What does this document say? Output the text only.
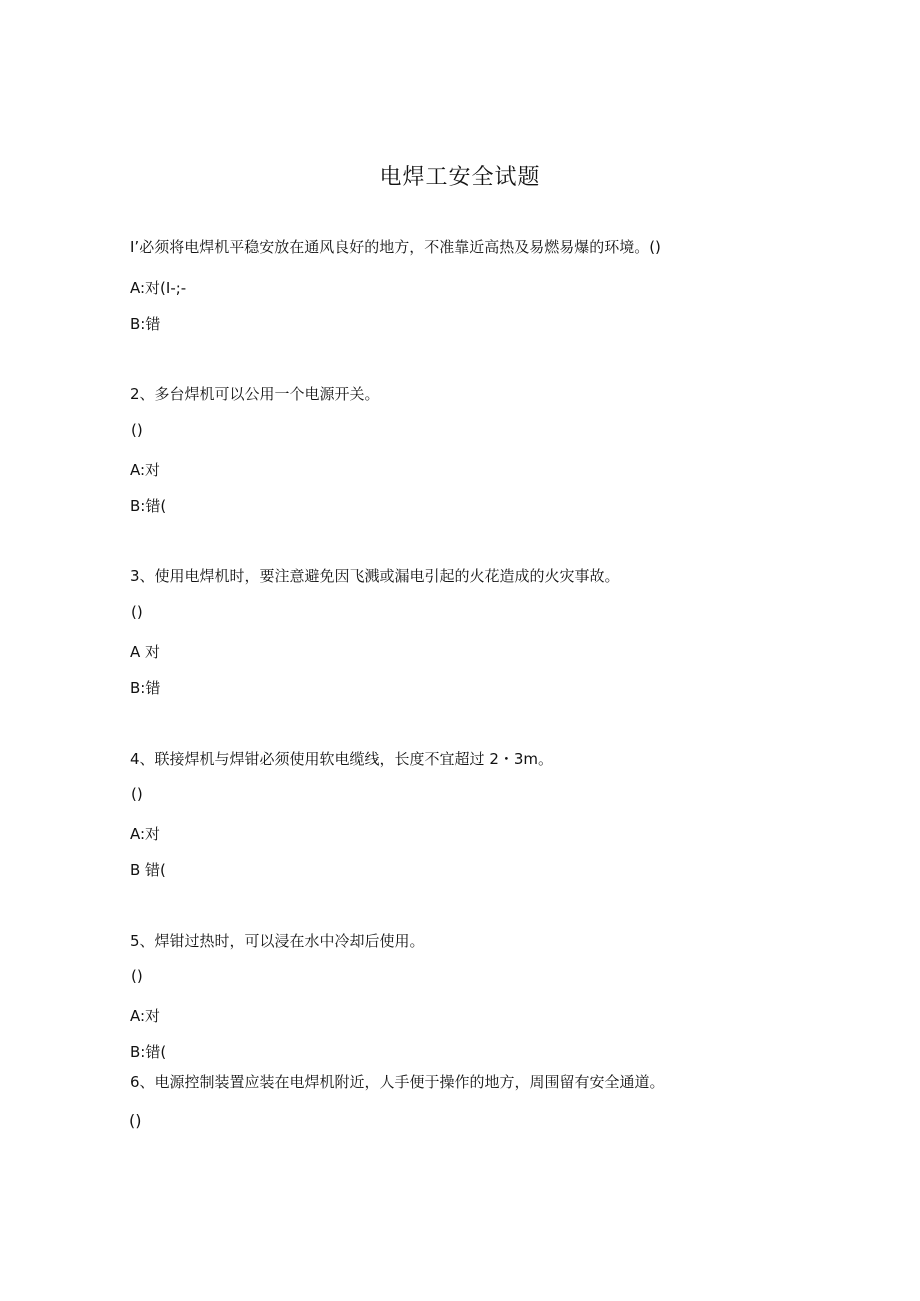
电焊工安全试题
I’必须将电焊机平稳安放在通风良好的地方，不准靠近高热及易燃易爆的环境。()
A:对(I-;-
B:错
2、多台焊机可以公用一个电源开关。
()
A:对
B:错(
3、使用电焊机时，要注意避免因飞溅或漏电引起的火花造成的火灾事故。
()
A 对
B:错
4、联接焊机与焊钳必须使用软电缆线，长度不宜超过 2・3m。
()
A:对
B 错(
5、焊钳过热时，可以浸在水中冷却后使用。
()
A:对
B:错(
6、电源控制装置应装在电焊机附近，人手便于操作的地方，周围留有安全通道。
()
